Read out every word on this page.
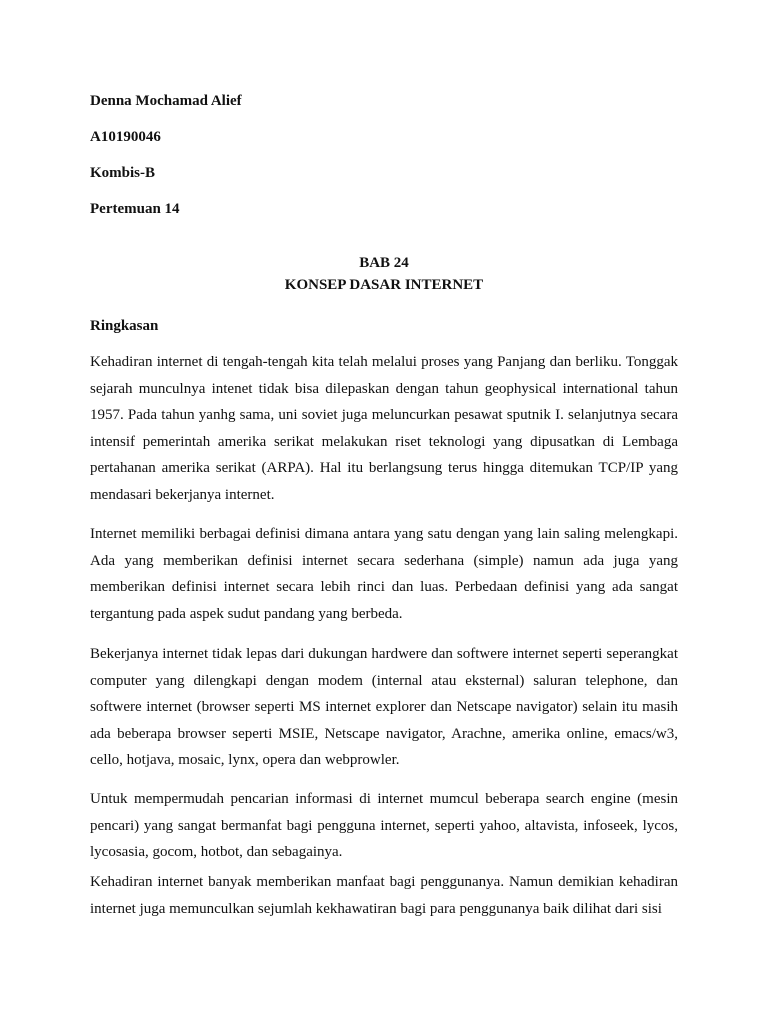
Denna Mochamad Alief

A10190046

Kombis-B

Pertemuan 14

BAB 24

KONSEP DASAR INTERNET

Ringkasan

Kehadiran internet di tengah-tengah kita telah melalui proses yang Panjang dan berliku. Tonggak sejarah munculnya intenet tidak bisa dilepaskan dengan tahun geophysical international tahun 1957. Pada tahun yanhg sama, uni soviet juga meluncurkan pesawat sputnik I. selanjutnya secara intensif pemerintah amerika serikat melakukan riset teknologi yang dipusatkan di Lembaga pertahanan amerika serikat (ARPA). Hal itu berlangsung terus hingga ditemukan TCP/IP yang mendasari bekerjanya internet.

Internet memiliki berbagai definisi dimana antara yang satu dengan yang lain saling melengkapi. Ada yang memberikan definisi internet secara sederhana (simple) namun ada juga yang memberikan definisi internet secara lebih rinci dan luas. Perbedaan definisi yang ada sangat tergantung pada aspek sudut pandang yang berbeda.

Bekerjanya internet tidak lepas dari dukungan hardwere dan softwere internet seperti seperangkat computer yang dilengkapi dengan modem (internal atau eksternal) saluran telephone, dan softwere internet (browser seperti MS internet explorer dan Netscape navigator) selain itu masih ada beberapa browser seperti MSIE, Netscape navigator, Arachne, amerika online, emacs/w3, cello, hotjava, mosaic, lynx, opera dan webprowler.

Untuk mempermudah pencarian informasi di internet mumcul beberapa search engine (mesin pencari) yang sangat bermanfat bagi pengguna internet, seperti yahoo, altavista, infoseek, lycos, lycosasia, gocom, hotbot, dan sebagainya.

Kehadiran internet banyak memberikan manfaat bagi penggunanya. Namun demikian kehadiran internet juga memunculkan sejumlah kekhawatiran bagi para penggunanya baik dilihat dari sisi
